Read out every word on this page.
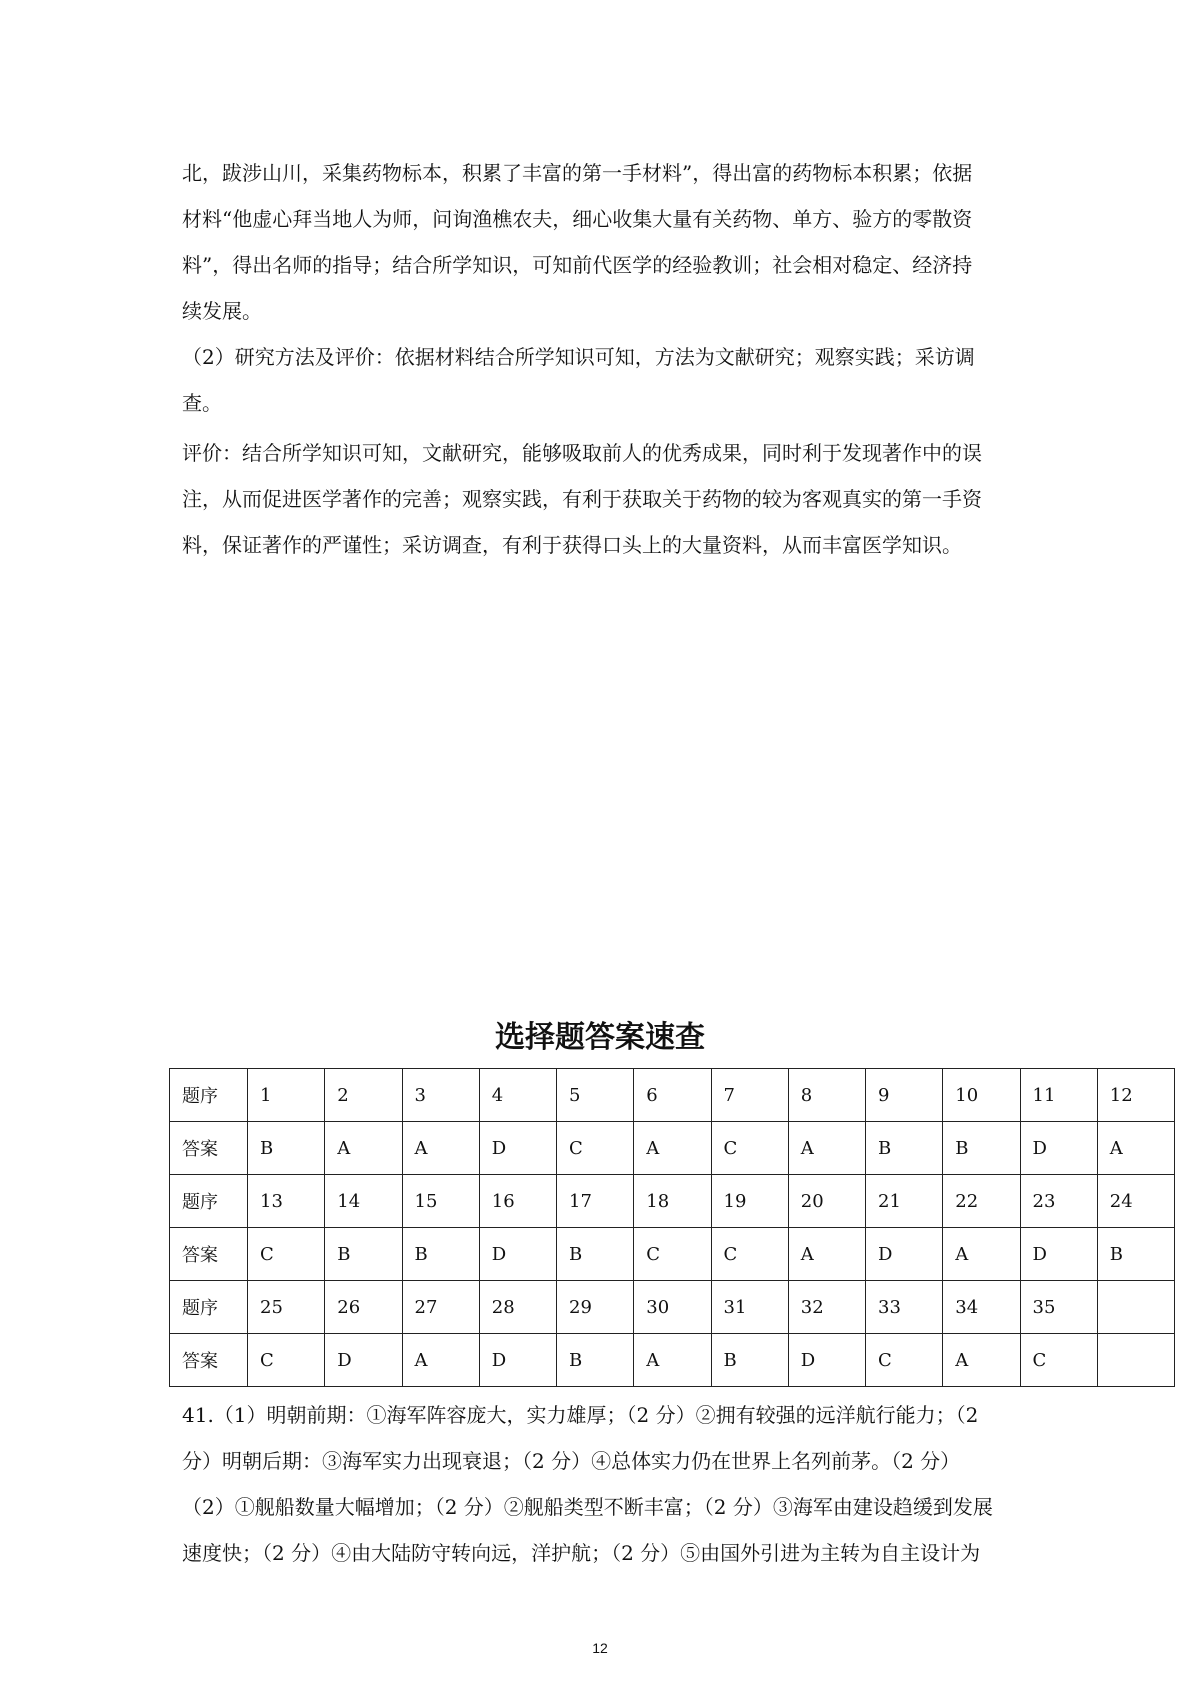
北，跋涉山川，采集药物标本，积累了丰富的第一手材料”，得出富的药物标本积累；依据
材料“他虚心拜当地人为师，问询渔樵农夫，细心收集大量有关药物、单方、验方的零散资
料”，得出名师的指导；结合所学知识，可知前代医学的经验教训；社会相对稳定、经济持
续发展。
（2）研究方法及评价：依据材料结合所学知识可知，方法为文献研究；观察实践；采访调
查。
评价：结合所学知识可知，文献研究，能够吸取前人的优秀成果，同时利于发现著作中的误
注，从而促进医学著作的完善；观察实践，有利于获取关于药物的较为客观真实的第一手资
料，保证著作的严谨性；采访调查，有利于获得口头上的大量资料，从而丰富医学知识。
选择题答案速查
题序	1	2	3	4	5	6	7	8	9	10	11	12
答案	B	A	A	D	C	A	C	A	B	B	D	A
题序	13	14	15	16	17	18	19	20	21	22	23	24
答案	C	B	B	D	B	C	C	A	D	A	D	B
题序	25	26	27	28	29	30	31	32	33	34	35	
答案	C	D	A	D	B	A	B	D	C	A	C	
41.（1）明朝前期：①海军阵容庞大，实力雄厚；（2 分）②拥有较强的远洋航行能力；（2
分）明朝后期：③海军实力出现衰退；（2 分）④总体实力仍在世界上名列前茅。（2 分）
（2）①舰船数量大幅增加；（2 分）②舰船类型不断丰富；（2 分）③海军由建设趋缓到发展
速度快；（2 分）④由大陆防守转向远，洋护航；（2 分）⑤由国外引进为主转为自主设计为
12
